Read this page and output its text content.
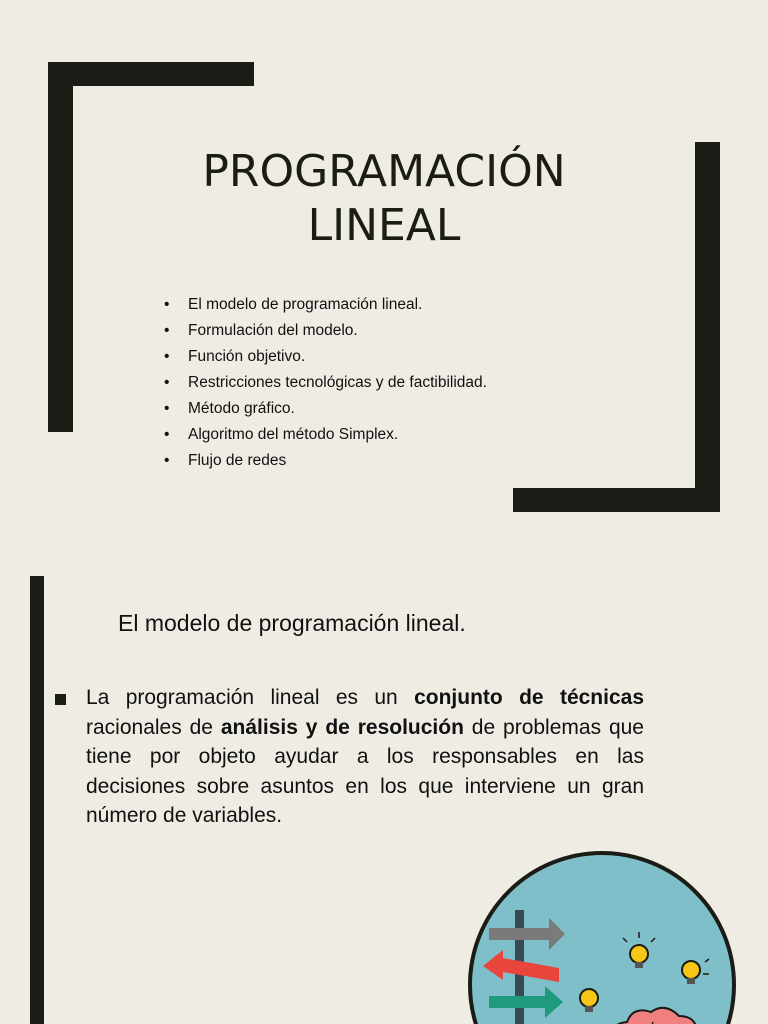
PROGRAMACIÓN
LINEAL
• El modelo de programación lineal.
• Formulación del modelo.
• Función objetivo.
• Restricciones tecnológicas y de factibilidad.
• Método gráfico.
• Algoritmo del método Simplex.
• Flujo de redes
El modelo de programación lineal.

La programación lineal es un conjunto de técnicas racionales de análisis y de resolución de problemas que tiene por objeto ayudar a los responsables en las decisiones sobre asuntos en los que interviene un gran número de variables.
